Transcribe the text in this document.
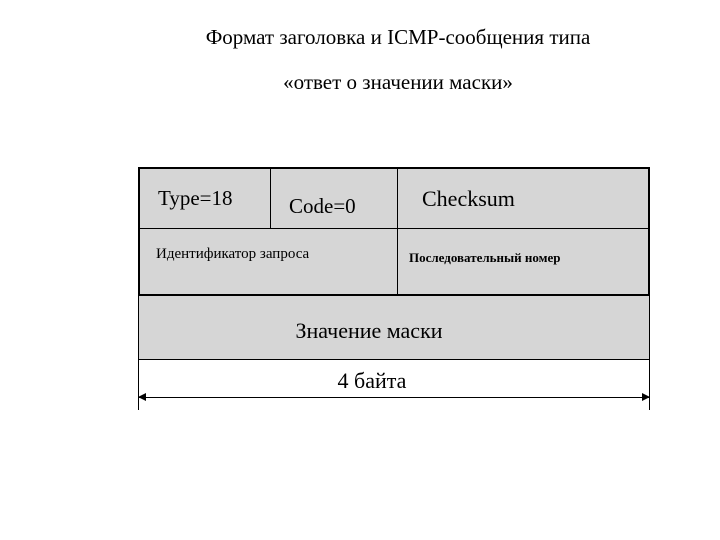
Формат заголовка и ICMP-сообщения типа
«ответ о значении маски»
Type=18	Code=0	Checksum
Идентификатор запроса	Последовательный номер
Значение маски
4 байта
